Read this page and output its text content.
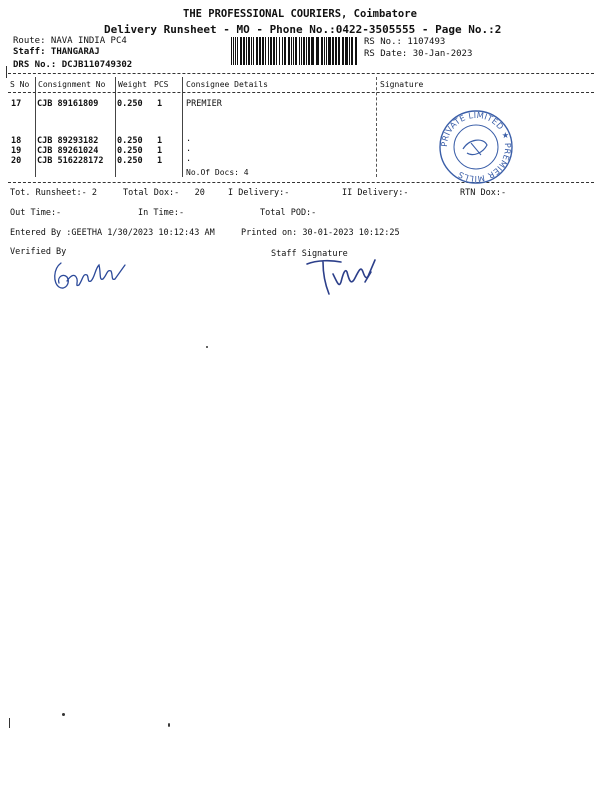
THE PROFESSIONAL COURIERS, Coimbatore
Delivery Runsheet - MO - Phone No.:0422-3505555 - Page No.:2
Route: NAVA INDIA PC4
Staff: THANGARAJ
DRS No.: DCJB110749302
RS No.: 1107493
RS Date: 30-Jan-2023
S No Consignment No Weight PCS Consignee Details	Signature
17 CJB 89161809 0.250 1	PREMIER
18 CJB 89293182 0.250 1	.
19 CJB 89261024 0.250 1	.
20 CJB 516228172 0.250 1	.
No.Of Docs: 4
PRIVATE LIMITED ★ PREMIER MILLS
Tot. Runsheet:- 2	Total Dox:-   20	I Delivery:-	II Delivery:-	RTN Dox:-
Out Time:-	In Time:-	Total POD:-
Entered By :GEETHA 1/30/2023 10:12:43 AM	Printed on: 30-01-2023 10:12:25
Verified By	Staff Signature
